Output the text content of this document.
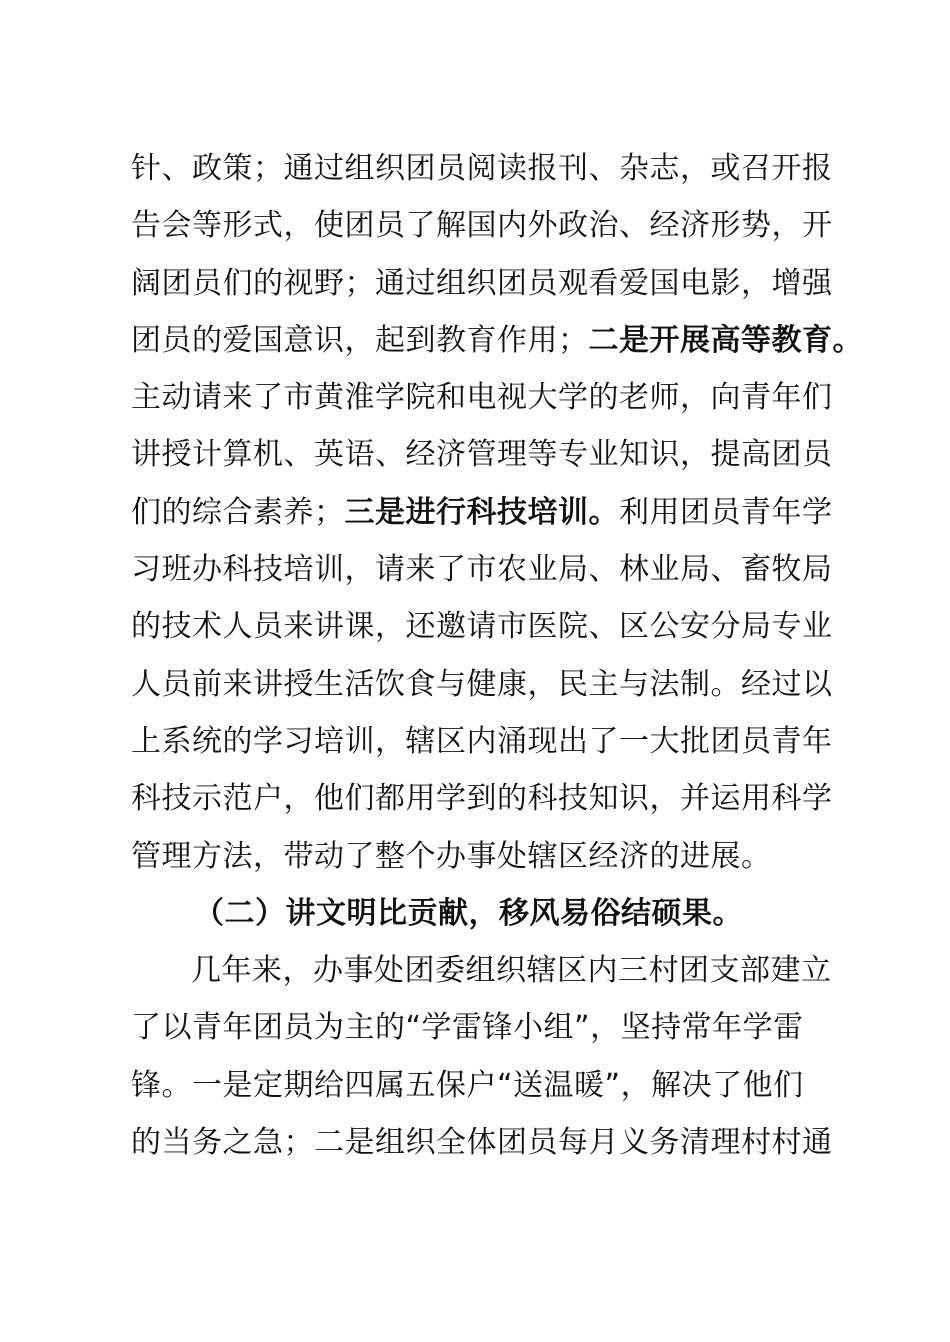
针、政策；通过组织团员阅读报刊、杂志，或召开报
告会等形式，使团员了解国内外政治、经济形势，开
阔团员们的视野；通过组织团员观看爱国电影，增强
团员的爱国意识，起到教育作用；二是开展高等教育。
主动请来了市黄淮学院和电视大学的老师，向青年们
讲授计算机、英语、经济管理等专业知识，提高团员
们的综合素养；三是进行科技培训。利用团员青年学
习班办科技培训，请来了市农业局、林业局、畜牧局
的技术人员来讲课，还邀请市医院、区公安分局专业
人员前来讲授生活饮食与健康，民主与法制。经过以
上系统的学习培训，辖区内涌现出了一大批团员青年
科技示范户，他们都用学到的科技知识，并运用科学
管理方法，带动了整个办事处辖区经济的进展。
（二）讲文明比贡献，移风易俗结硕果。
几年来，办事处团委组织辖区内三村团支部建立
了以青年团员为主的“学雷锋小组”，坚持常年学雷
锋。一是定期给四属五保户“送温暖”，解决了他们
的当务之急；二是组织全体团员每月义务清理村村通
